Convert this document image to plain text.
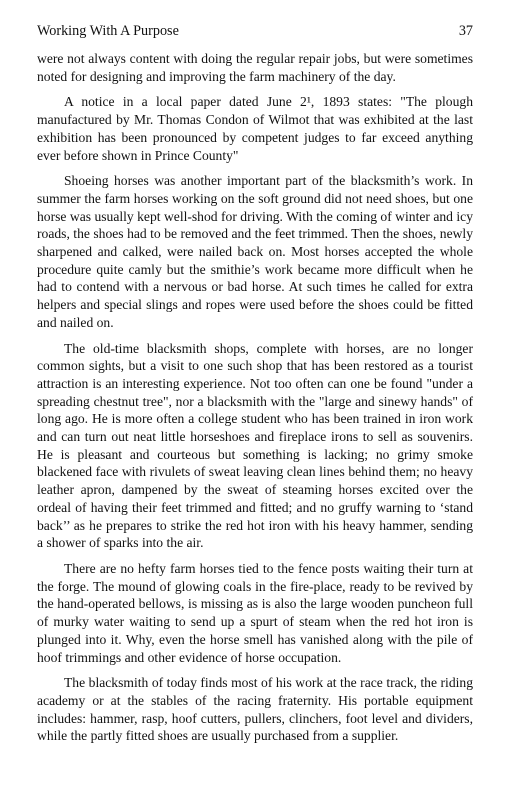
Working With A Purpose	37

were not always content with doing the regular repair jobs, but were sometimes noted for designing and improving the farm machinery of the day.

A notice in a local paper dated June 2¹, 1893 states: "The plough manufactured by Mr. Thomas Condon of Wilmot that was exhibited at the last exhibition has been pronounced by competent judges to far exceed anything ever before shown in Prince County"

Shoeing horses was another important part of the blacksmith’s work. In summer the farm horses working on the soft ground did not need shoes, but one horse was usually kept well-shod for driving. With the coming of winter and icy roads, the shoes had to be removed and the feet trimmed. Then the shoes, newly sharpened and calked, were nailed back on. Most horses accepted the whole procedure quite camly but the smithie’s work became more difficult when he had to contend with a nervous or bad horse. At such times he called for extra helpers and special slings and ropes were used before the shoes could be fitted and nailed on.

The old-time blacksmith shops, complete with horses, are no longer common sights, but a visit to one such shop that has been restored as a tourist attraction is an interesting experience. Not too often can one be found "under a spreading chestnut tree", nor a blacksmith with the "large and sinewy hands" of long ago. He is more often a college student who has been trained in iron work and can turn out neat little horseshoes and fireplace irons to sell as souvenirs. He is pleasant and courteous but something is lacking; no grimy smoke blackened face with rivulets of sweat leaving clean lines behind them; no heavy leather apron, dampened by the sweat of steaming horses excited over the ordeal of having their feet trimmed and fitted; and no gruffy warning to ‘stand back’’ as he prepares to strike the red hot iron with his heavy hammer, sending a shower of sparks into the air.

There are no hefty farm horses tied to the fence posts waiting their turn at the forge. The mound of glowing coals in the fire-place, ready to be revived by the hand-operated bellows, is missing as is also the large wooden puncheon full of murky water waiting to send up a spurt of steam when the red hot iron is plunged into it. Why, even the horse smell has vanished along with the pile of hoof trimmings and other evidence of horse occupation.

The blacksmith of today finds most of his work at the race track, the riding academy or at the stables of the racing fraternity. His portable equipment includes: hammer, rasp, hoof cutters, pullers, clinchers, foot level and dividers, while the partly fitted shoes are usually purchased from a supplier.
